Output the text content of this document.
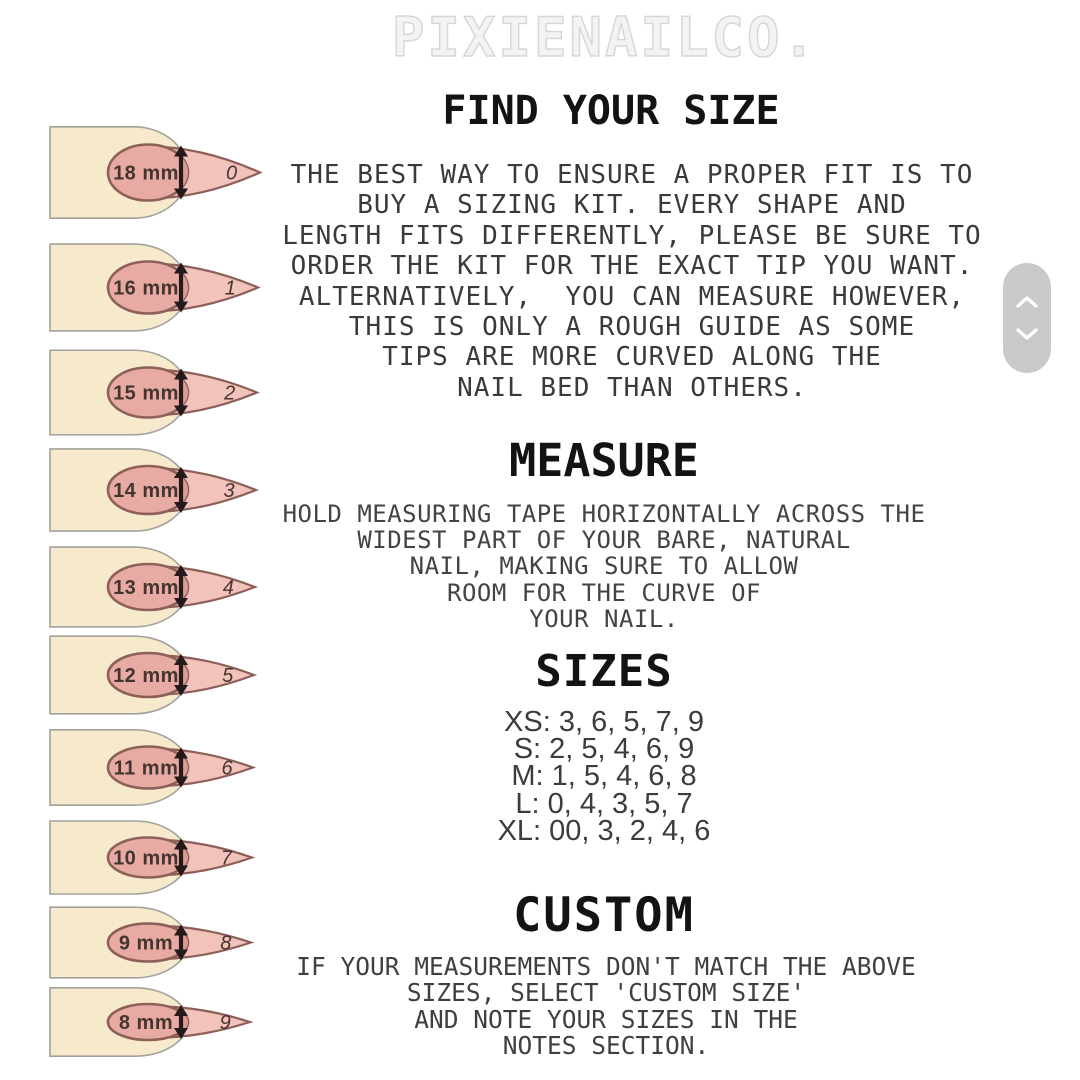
PIXIENAILCO.
FIND YOUR SIZE
THE BEST WAY TO ENSURE A PROPER FIT IS TO
BUY A SIZING KIT. EVERY SHAPE AND
LENGTH FITS DIFFERENTLY, PLEASE BE SURE TO
ORDER THE KIT FOR THE EXACT TIP YOU WANT.
ALTERNATIVELY,  YOU CAN MEASURE HOWEVER,
THIS IS ONLY A ROUGH GUIDE AS SOME
TIPS ARE MORE CURVED ALONG THE
NAIL BED THAN OTHERS.
MEASURE
HOLD MEASURING TAPE HORIZONTALLY ACROSS THE
WIDEST PART OF YOUR BARE, NATURAL
NAIL, MAKING SURE TO ALLOW
ROOM FOR THE CURVE OF
YOUR NAIL.
SIZES
XS: 3, 6, 5, 7, 9
S: 2, 5, 4, 6, 9
M: 1, 5, 4, 6, 8
L: 0, 4, 3, 5, 7
XL: 00, 3, 2, 4, 6
CUSTOM
IF YOUR MEASUREMENTS DON'T MATCH THE ABOVE
SIZES, SELECT 'CUSTOM SIZE'
AND NOTE YOUR SIZES IN THE
NOTES SECTION.
18 mm 0
16 mm 1
15 mm 2
14 mm 3
13 mm 4
12 mm 5
11 mm 6
10 mm 7
9 mm 8
8 mm 9
